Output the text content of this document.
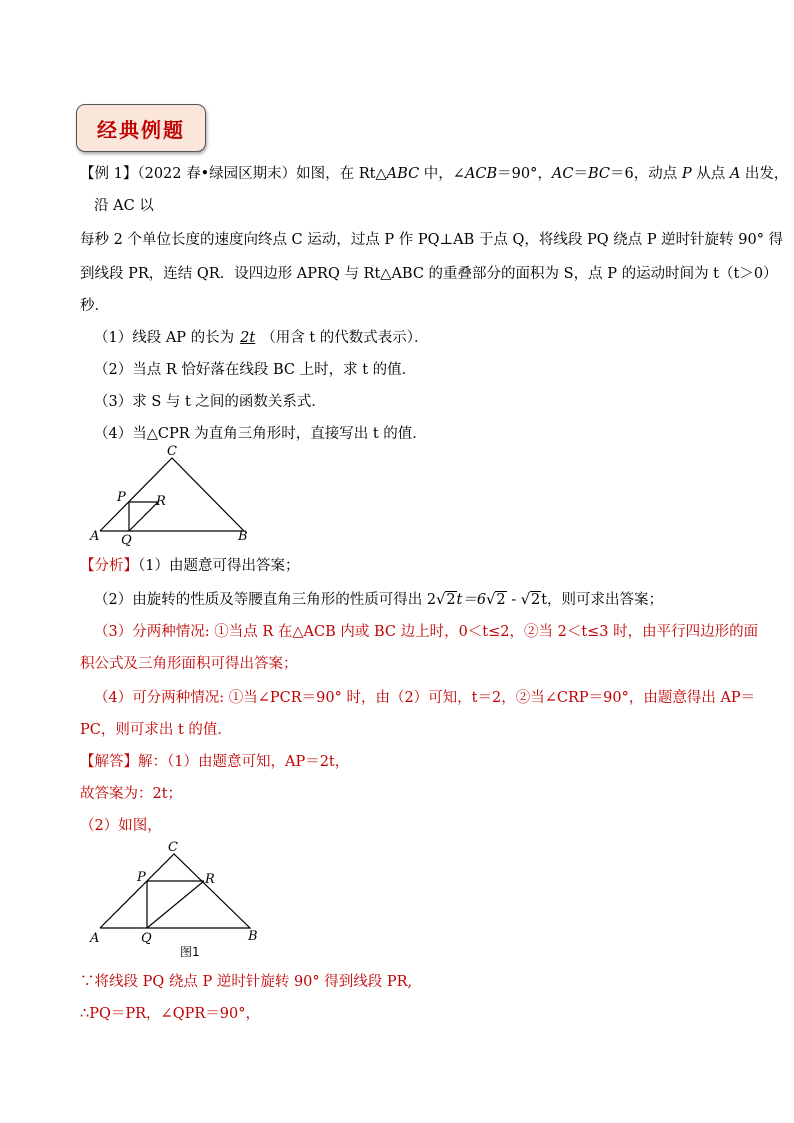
经典例题
【例 1】（2022 春•绿园区期末）如图，在 Rt△ABC 中，∠ACB＝90°，AC＝BC＝6，动点 P 从点 A 出发，
沿 AC 以
每秒 2 个单位长度的速度向终点 C 运动，过点 P 作 PQ⊥AB 于点 Q，将线段 PQ 绕点 P 逆时针旋转 90° 得
到线段 PR，连结 QR．设四边形 APRQ 与 Rt△ABC 的重叠部分的面积为 S，点 P 的运动时间为 t（t＞0）
秒．
（1）线段 AP 的长为 2t （用含 t 的代数式表示）．
（2）当点 R 恰好落在线段 BC 上时，求 t 的值．
（3）求 S 与 t 之间的函数关系式．
（4）当△CPR 为直角三角形时，直接写出 t 的值．
A	B
C
P
Q
R
【分析】（1）由题意可得出答案；
（2）由旋转的性质及等腰直角三角形的性质可得出 2√2t＝6√2 - √2t，则可求出答案；
（3）分两种情况: ①当点 R 在△ACB 内或 BC 边上时，0＜t≤2，②当 2＜t≤3 时，由平行四边形的面
积公式及三角形面积可得出答案；
（4）可分两种情况: ①当∠PCR＝90° 时，由（2）可知，t＝2，②当∠CRP＝90°，由题意得出 AP＝
PC，则可求出 t 的值．
【解答】解：（1）由题意可知，AP＝2t，
故答案为：2t；
（2）如图，
A	B
C
P
Q
R
图1
∵将线段 PQ 绕点 P 逆时针旋转 90° 得到线段 PR,
∴PQ＝PR，∠QPR＝90°，
